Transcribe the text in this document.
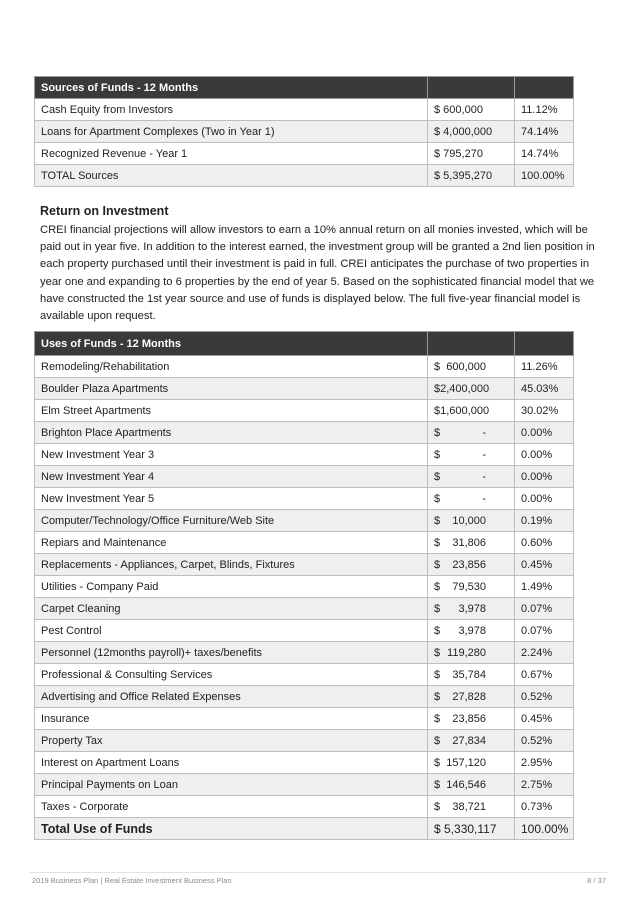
Sources of Funds - 12 Months		
Cash Equity from Investors	$ 600,000	11.12%
Loans for Apartment Complexes (Two in Year 1)	$ 4,000,000	74.14%
Recognized Revenue - Year 1	$ 795,270	14.74%
TOTAL Sources	$ 5,395,270	100.00%
Return on Investment

CREI financial projections will allow investors to earn a 10% annual return on all monies invested, which will be paid out in year five. In addition to the interest earned, the investment group will be granted a 2nd lien position in each property purchased until their investment is paid in full. CREI anticipates the purchase of two properties in year one and expanding to 6 properties by the end of year 5. Based on the sophisticated financial model that we have constructed the 1st year source and use of funds is displayed below. The full five-year financial model is available upon request.

Uses of Funds - 12 Months		
Remodeling/Rehabilitation	$ 600,000	11.26%
Boulder Plaza Apartments	$ 2,400,000	45.03%
Elm Street Apartments	$ 1,600,000	30.02%
Brighton Place Apartments	$ -	0.00%
New Investment Year 3	$ -	0.00%
New Investment Year 4	$ -	0.00%
New Investment Year 5	$ -	0.00%
Computer/Technology/Office Furniture/Web Site	$ 10,000	0.19%
Repiars and Maintenance	$ 31,806	0.60%
Replacements - Appliances, Carpet, Blinds, Fixtures	$ 23,856	0.45%
Utilities - Company Paid	$ 79,530	1.49%
Carpet Cleaning	$ 3,978	0.07%
Pest Control	$ 3,978	0.07%
Personnel (12months payroll)+ taxes/benefits	$ 119,280	2.24%
Professional & Consulting Services	$ 35,784	0.67%
Advertising and Office Related Expenses	$ 27,828	0.52%
Insurance	$ 23,856	0.45%
Property Tax	$ 27,834	0.52%
Interest on Apartment Loans	$ 157,120	2.95%
Principal Payments on Loan	$ 146,546	2.75%
Taxes - Corporate	$ 38,721	0.73%
Total Use of Funds	$ 5,330,117	100.00%
2019 Business Plan | Real Estate Investment Business Plan	8 / 37
